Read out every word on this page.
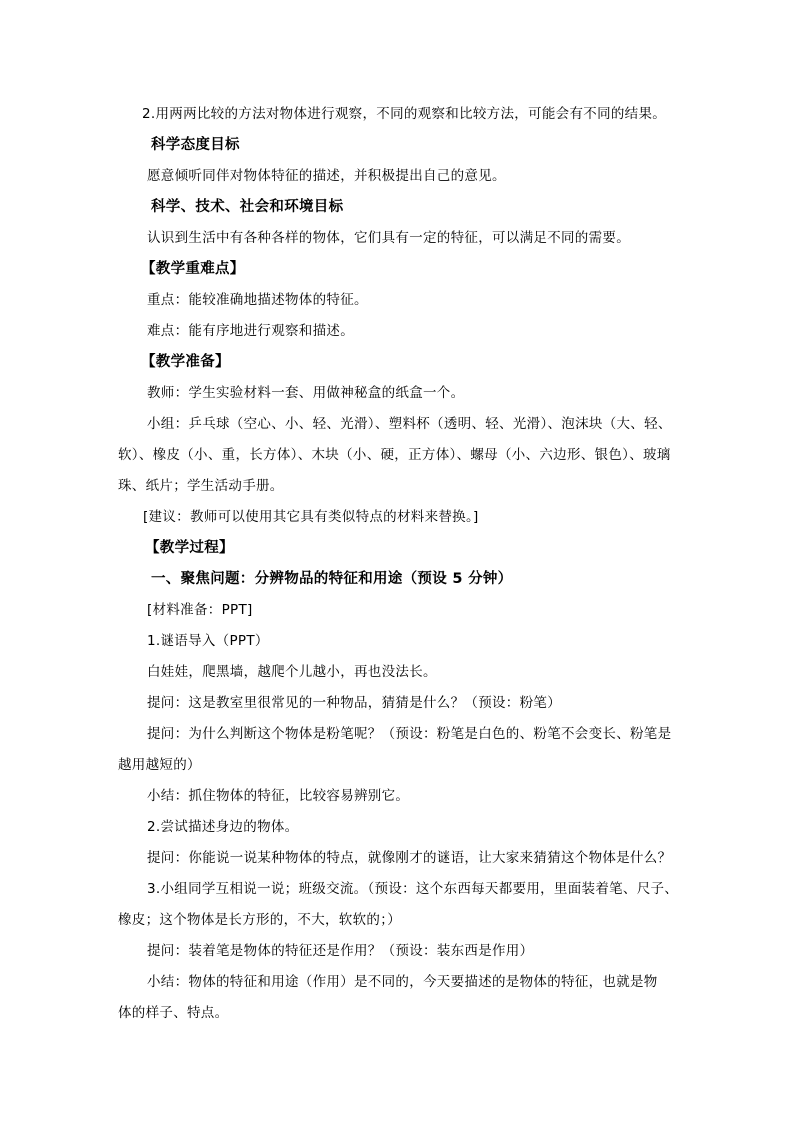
2.用两两比较的方法对物体进行观察，不同的观察和比较方法，可能会有不同的结果。
科学态度目标
愿意倾听同伴对物体特征的描述，并积极提出自己的意见。
科学、技术、社会和环境目标
认识到生活中有各种各样的物体，它们具有一定的特征，可以满足不同的需要。
【教学重难点】
重点：能较准确地描述物体的特征。
难点：能有序地进行观察和描述。
【教学准备】
教师：学生实验材料一套、用做神秘盒的纸盒一个。
小组：乒乓球（空心、小、轻、光滑）、塑料杯（透明、轻、光滑）、泡沫块（大、轻、
软）、橡皮（小、重，长方体）、木块（小、硬，正方体）、螺母（小、六边形、银色）、玻璃
珠、纸片；学生活动手册。
[建议：教师可以使用其它具有类似特点的材料来替换。]
【教学过程】
一、聚焦问题：分辨物品的特征和用途（预设 5 分钟）
[材料准备：PPT]
1.谜语导入（PPT）
白娃娃，爬黑墙，越爬个儿越小，再也没法长。
提问：这是教室里很常见的一种物品，猜猜是什么？（预设：粉笔）
提问：为什么判断这个物体是粉笔呢？（预设：粉笔是白色的、粉笔不会变长、粉笔是
越用越短的）
小结：抓住物体的特征，比较容易辨别它。
2.尝试描述身边的物体。
提问：你能说一说某种物体的特点，就像刚才的谜语，让大家来猜猜这个物体是什么？
3.小组同学互相说一说；班级交流。（预设：这个东西每天都要用，里面装着笔、尺子、
橡皮；这个物体是长方形的，不大，软软的；）
提问：装着笔是物体的特征还是作用？（预设：装东西是作用）
小结：物体的特征和用途（作用）是不同的，今天要描述的是物体的特征，也就是物
体的样子、特点。
